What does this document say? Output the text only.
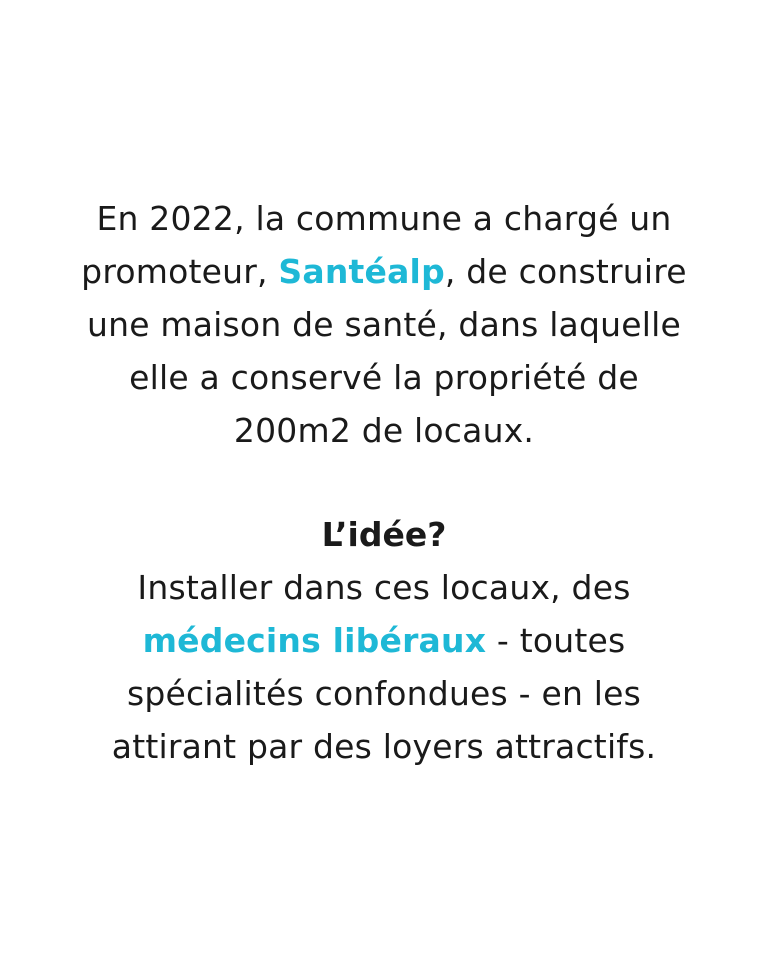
En 2022, la commune a chargé un
promoteur, Santéalp, de construire
une maison de santé, dans laquelle
elle a conservé la propriété de
200m2 de locaux.
L’idée?
Installer dans ces locaux, des
médecins libéraux - toutes
spécialités confondues - en les
attirant par des loyers attractifs.
